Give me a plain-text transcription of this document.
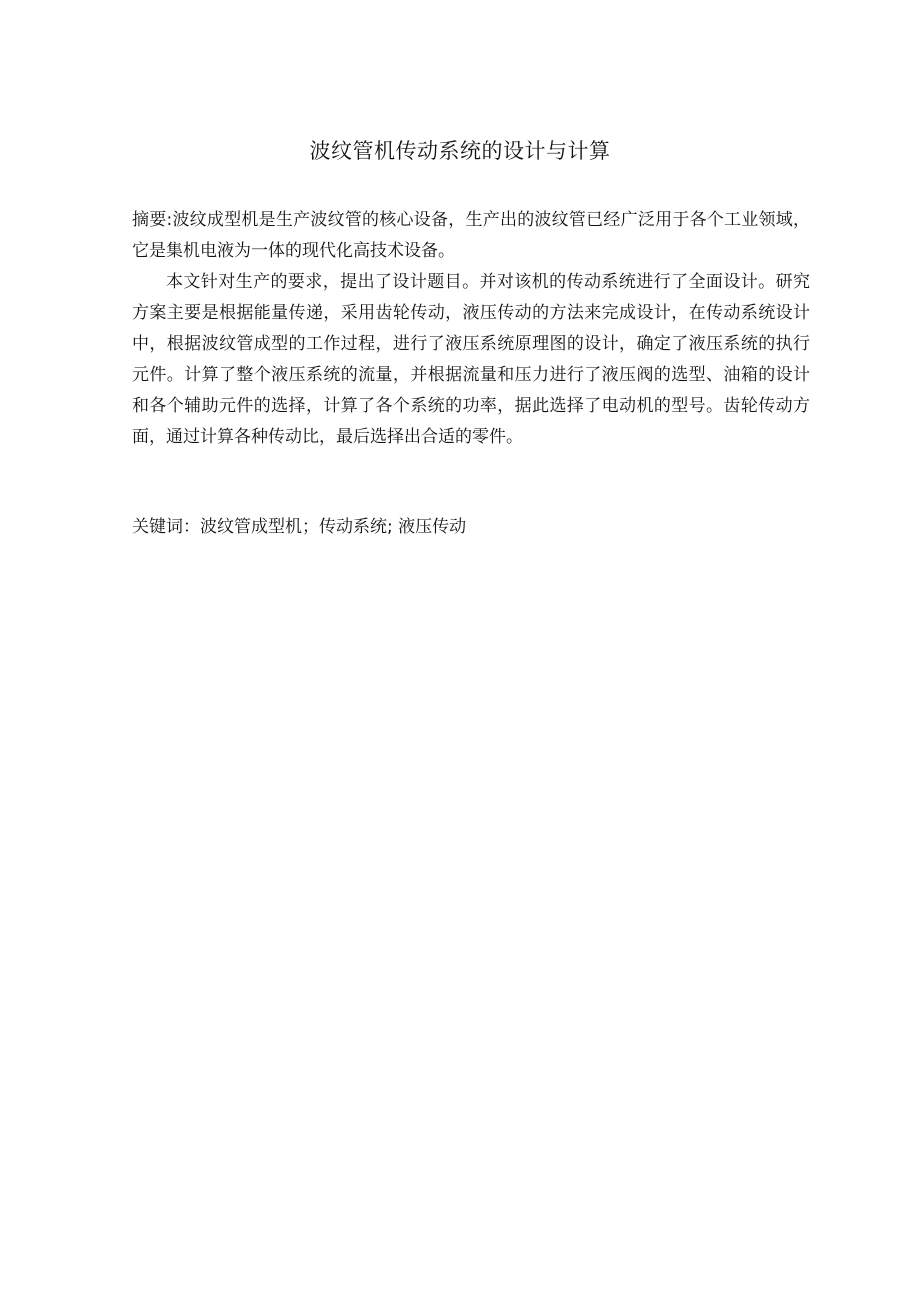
波纹管机传动系统的设计与计算

摘要:波纹成型机是生产波纹管的核心设备，生产出的波纹管已经广泛用于各个工业领域，它是集机电液为一体的现代化高技术设备。

本文针对生产的要求，提出了设计题目。并对该机的传动系统进行了全面设计。研究方案主要是根据能量传递，采用齿轮传动，液压传动的方法来完成设计，在传动系统设计中，根据波纹管成型的工作过程，进行了液压系统原理图的设计，确定了液压系统的执行元件。计算了整个液压系统的流量，并根据流量和压力进行了液压阀的选型、油箱的设计和各个辅助元件的选择，计算了各个系统的功率，据此选择了电动机的型号。齿轮传动方面，通过计算各种传动比，最后选择出合适的零件。

关键词：波纹管成型机；传动系统; 液压传动
